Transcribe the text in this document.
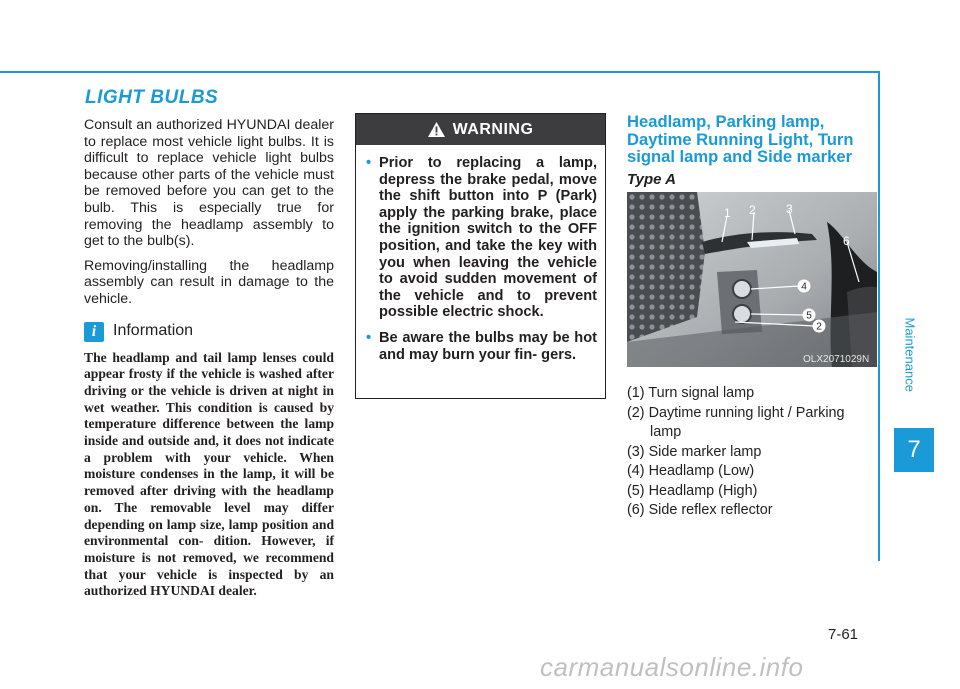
Maintenance
7
LIGHT BULBS

Consult an authorized HYUNDAI dealer to replace most vehicle light bulbs. It is difficult to replace vehicle light bulbs because other parts of the vehicle must be removed before you can get to the bulb. This is especially true for removing the headlamp assembly to get to the bulb(s).

Removing/installing the headlamp assembly can result in damage to the vehicle.

i	Information

The headlamp and tail lamp lenses could appear frosty if the vehicle is washed after driving or the vehicle is driven at night in wet weather. This condition is caused by temperature difference between the lamp inside and outside and, it does not indicate a problem with your vehicle. When moisture condenses in the lamp, it will be removed after driving with the headlamp on. The removable level may differ depending on lamp size, lamp position and environmental con- dition. However, if moisture is not removed, we recommend that your vehicle is inspected by an authorized HYUNDAI dealer.

WARNING
• Prior to replacing a lamp, depress the brake pedal, move the shift button into P (Park) apply the parking brake, place the ignition switch to the OFF position, and take the key with you when leaving the vehicle to avoid sudden movement of the vehicle and to prevent possible electric shock.
• Be aware the bulbs may be hot and may burn your fin- gers.
Headlamp, Parking lamp, Daytime Running Light, Turn signal lamp and Side marker
Type A
1 2	3
6
4
5
2
OLX2071029N
(1) Turn signal lamp
(2) Daytime running light / Parking lamp
(3) Side marker lamp
(4) Headlamp (Low)
(5) Headlamp (High)
(6) Side reflex reflector
7-61
carmanualsonline.info
